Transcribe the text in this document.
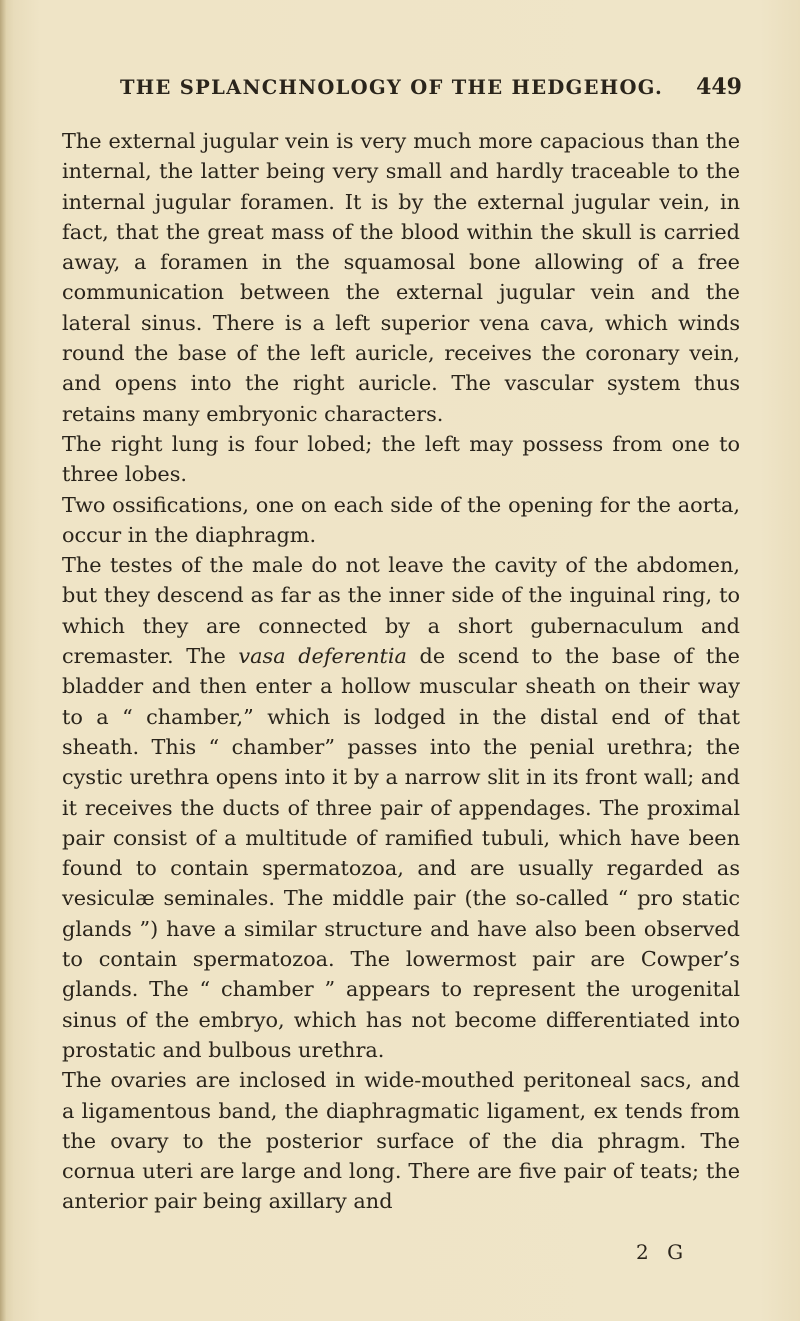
THE SPLANCHNOLOGY OF THE HEDGEHOG. 449

The external jugular vein is very much more capacious than the internal, the latter being very small and hardly traceable to the internal jugular foramen. It is by the external jugular vein, in fact, that the great mass of the blood within the skull is carried away, a foramen in the squamosal bone allowing of a free communication between the external jugular vein and the lateral sinus. There is a left superior vena cava, which winds round the base of the left auricle, receives the coronary vein, and opens into the right auricle. The vascular system thus retains many embryonic characters.

The right lung is four lobed; the left may possess from one to three lobes.

Two ossifications, one on each side of the opening for the aorta, occur in the diaphragm.

The testes of the male do not leave the cavity of the abdomen, but they descend as far as the inner side of the inguinal ring, to which they are connected by a short gubernaculum and cremaster. The vasa deferentia de scend to the base of the bladder and then enter a hollow muscular sheath on their way to a “ chamber,” which is lodged in the distal end of that sheath. This “ chamber” passes into the penial urethra; the cystic urethra opens into it by a narrow slit in its front wall; and it receives the ducts of three pair of appendages. The proximal pair consist of a multitude of ramified tubuli, which have been found to contain spermatozoa, and are usually regarded as vesiculæ seminales. The middle pair (the so-called “ pro static glands ”) have a similar structure and have also been observed to contain spermatozoa. The lowermost pair are Cowper’s glands. The “ chamber ” appears to represent the urogenital sinus of the embryo, which has not become differentiated into prostatic and bulbous urethra.

The ovaries are inclosed in wide-mouthed peritoneal sacs, and a ligamentous band, the diaphragmatic ligament, ex tends from the ovary to the posterior surface of the dia phragm. The cornua uteri are large and long. There are five pair of teats; the anterior pair being axillary and

2 G
